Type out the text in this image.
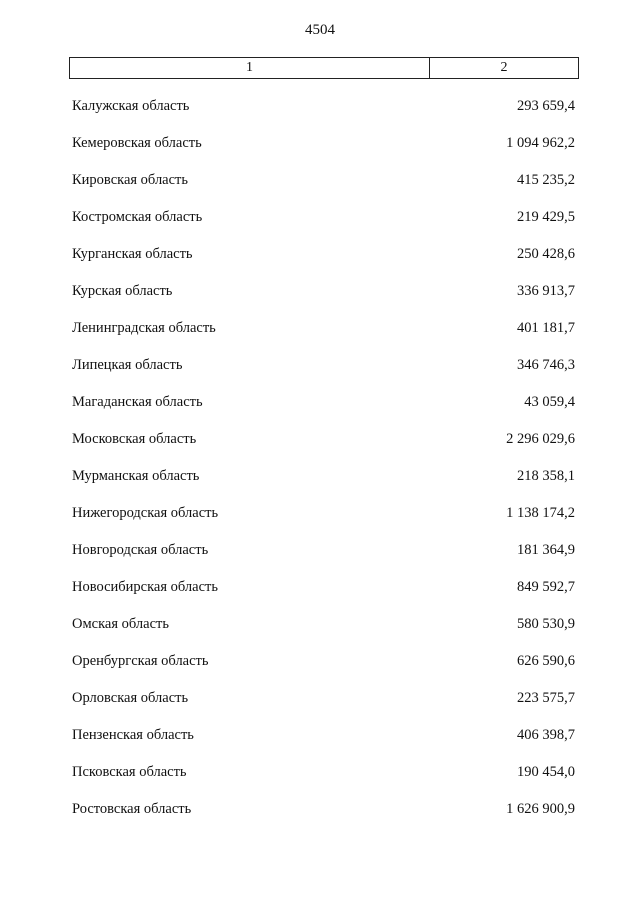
4504
1	2
Калужская область	293 659,4
Кемеровская область	1 094 962,2
Кировская область	415 235,2
Костромская область	219 429,5
Курганская область	250 428,6
Курская область	336 913,7
Ленинградская область	401 181,7
Липецкая область	346 746,3
Магаданская область	43 059,4
Московская область	2 296 029,6
Мурманская область	218 358,1
Нижегородская область	1 138 174,2
Новгородская область	181 364,9
Новосибирская область	849 592,7
Омская область	580 530,9
Оренбургская область	626 590,6
Орловская область	223 575,7
Пензенская область	406 398,7
Псковская область	190 454,0
Ростовская область	1 626 900,9
